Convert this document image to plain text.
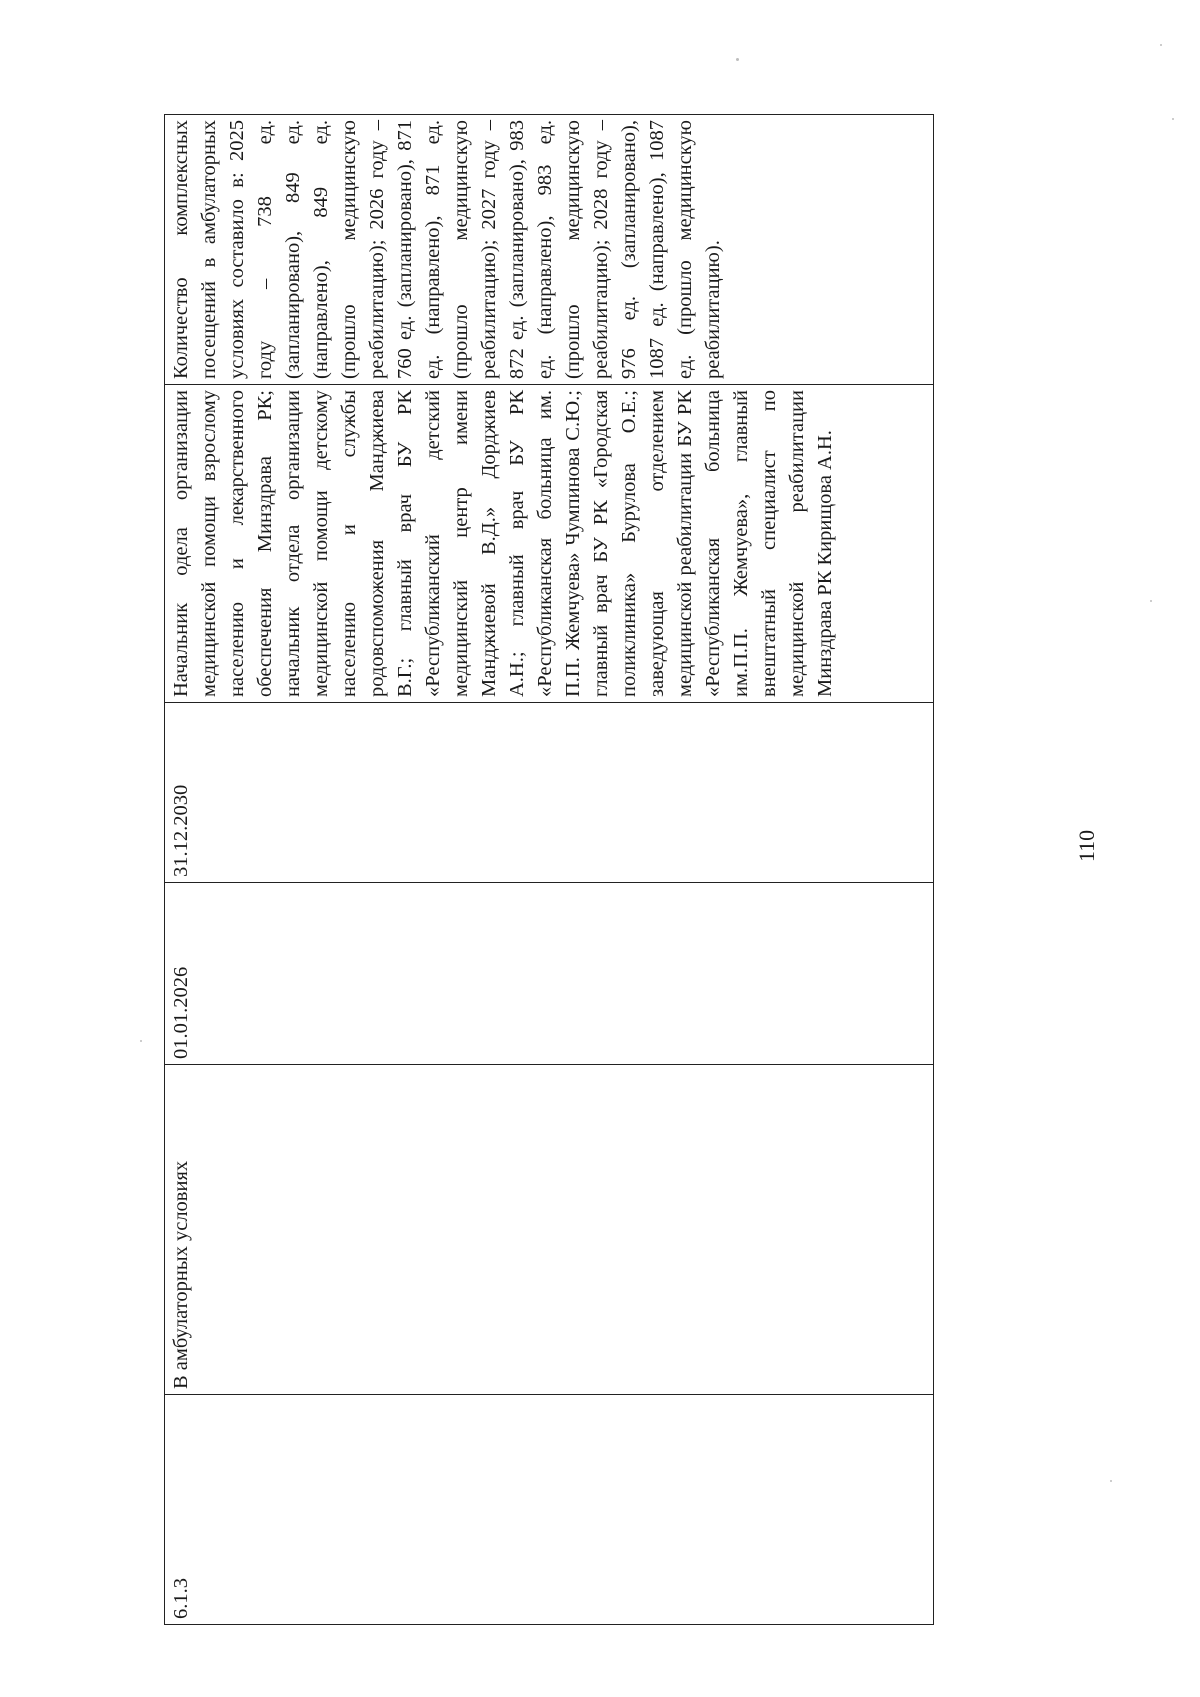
6.1.3

В амбулаторных условиях

01.01.2026

31.12.2030

Начальник одела организации медицинской помощи взрослому населению и лекарственного обеспечения Минздрава РК; начальник отдела организации медицинской помощи детскому населению и службы родовспоможения Манджиева В.Г.; главный врач БУ РК «Республиканский детский медицинский центр имени Манджиевой В.Д.» Дорджиев А.Н.; главный врач БУ РК «Республиканская больница им. П.П. Жемчуева» Чумпинова С.Ю.; главный врач БУ РК «Городская поликлиника» Бурулова О.Е.; заведующая отделением медицинской реабилитации БУ РК «Республиканская больница им.П.П. Жемчуева», главный внештатный специалист по медицинской реабилитации Минздрава РК Кирищова А.Н.

Количество комплексных посещений в амбулаторных условиях составило в: 2025 году – 738 ед. (запланировано), 849 ед. (направлено), 849 ед. (прошло медицинскую реабилитацию); 2026 году – 760 ед. (запланировано), 871 ед. (направлено), 871 ед. (прошло медицинскую реабилитацию); 2027 году – 872 ед. (запланировано), 983 ед. (направлено), 983 ед. (прошло медицинскую реабилитацию); 2028 году – 976 ед. (запланировано), 1087 ед. (направлено), 1087 ед. (прошло медицинскую реабилитацию).
110
